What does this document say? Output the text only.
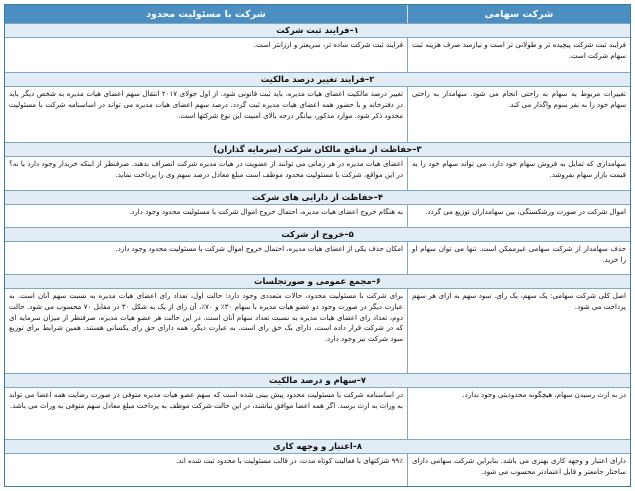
شرکت سهامی
شرکت با مسئولیت محدود
۱–فرایند ثبت شرکت
فرایند ثبت شرکت پیچیده تر و طولانی تر است و نیازمند صرف هزینه ثبت سهام شرکت است.
فرایند ثبت شرکت ساده تر، سریعتر و ارزانتر است.
۲–فرایند تغییر درصد مالکیت
تغییرات مربوط به سهام به راحتی انجام می شود. سهامدار به راحتی سهام خود را به نفر سوم واگذار می کند.
تغییر درصد مالکیت اعضای هیات مدیره، باید ثبت قانونی شود. از اول جولای ۲۰۱۷ انتقال سهم اعضای هیات مدیره به شخص دیگر باید در دفترخانه و با حضور همه اعضای هیات مدیره ثبت گردد. درصد سهم اعضای هیات مدیره می تواند در اساسنامه شرکت با مسئولیت محدود ذکر شود. موارد مذکور، بیانگر درجه بالای امنیت این نوع شرکتها است.
۳–حفاظت از منافع مالکان شرکت (سرمایه گذاران)
سهامداری که تمایل به فروش سهام خود دارد، می تواند سهام خود را به قیمت بازار سهام بفروشد.
اعضای هیات مدیره در هر زمانی می توانند از عضویت در هیات مدیره شرکت انصراف بدهند. صرفنظر از اینکه خریدار وجود دارد یا نه؟ در این مواقع، شرکت با مسئولیت محدود موظف است مبلغ معادل درصد سهم وی را پرداخت نماید.
۴–حفاظت از دارایی های شرکت
اموال شرکت در صورت ورشکستگی، بین سهامداران توزیع می گردد.
به هنگام خروج اعضای هیات مدیره، احتمال خروج اموال شرکت با مسئولیت محدود وجود دارد.
۵–خروج از شرکت
حذف سهامدار از شرکت سهامی غیرممکن است. تنها می توان سهام او را خرید.
امکان حذف یکی از اعضای هیات مدیره، احتمال خروج اموال شرکت با مسئولیت محدود وجود دارد.
۶–مجمع عمومی و صورتجلسات
اصل کلی شرکت سهامی: یک سهم، یک رای. سود سهم به ازای هر سهم پرداخت می شود.
برای شرکت با مسئولیت محدود، حالات متعددی وجود دارد: حالت اول، تعداد رای اعضای هیات مدیره به نسبت سهم آنان است. به عبارت دیگر در صورت وجود دو عضو هیات مدیره با سهام ۳۰٪ و ۷۰٪، آن رای از یک به شکل ۳۰ در مقابل ۷۰ محسوب می شود. حالت دوم، تعداد رای اعضای هیات مدیره به نسبت تعداد سهام آنان است. در این حالت هر عضو هیات مدیره، صرفنظر از میزان سرمایه ای که در شرکت قرار داده است، دارای یک حق رای است. به عبارت دیگر، همه دارای حق رای یکسانی هستند. همین شرایط برای توزیع سود شرکت نیز وجود دارد.
۷–سهام و درصد مالکیت
در به ارث رسیدن سهام، هیچگونه محدودیتی وجود ندارد.
در اساسنامه شرکت با مسئولیت محدود پیش بینی شده است که سهم عضو هیات مدیره متوفی در صورت رضایت همه اعضا می تواند به وراث به ارث برسد. اگر همه اعضا موافق نباشند، در این حالت شرکت موظف به پرداخت مبلغ معادل سهم متوفی به وراث می باشد.
۸–اعتبار و وجهه کاری
دارای اعتبار و وجهه کاری بهتری می باشد. بنابراین شرکت سهامی دارای ساختار جامعتر و قابل اعتمادتر محسوب می شود.
۹۹٪ شرکتهای با فعالیت کوتاه مدت، در قالب مسئولیت با محدود ثبت شده اند.
